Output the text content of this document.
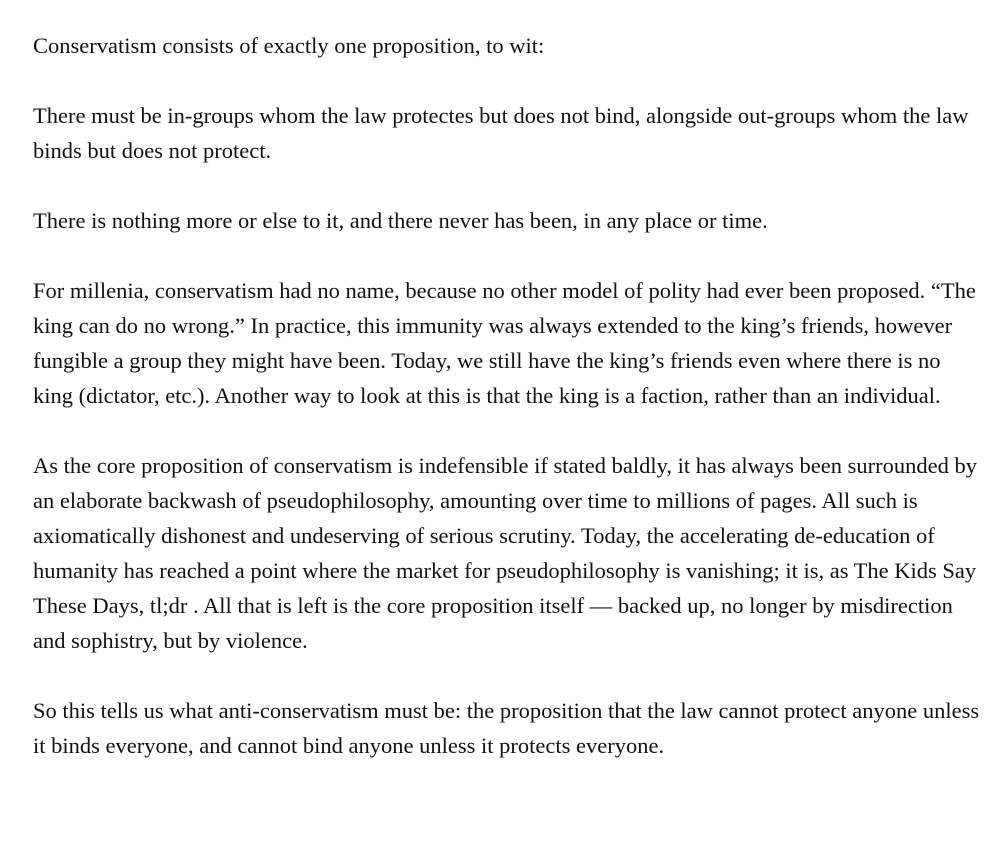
Conservatism consists of exactly one proposition, to wit:

There must be in-groups whom the law protectes but does not bind, alongside out-groups whom the law binds but does not protect.

There is nothing more or else to it, and there never has been, in any place or time.

For millenia, conservatism had no name, because no other model of polity had ever been proposed. “The king can do no wrong.” In practice, this immunity was always extended to the king’s friends, however fungible a group they might have been. Today, we still have the king’s friends even where there is no king (dictator, etc.). Another way to look at this is that the king is a faction, rather than an individual.

As the core proposition of conservatism is indefensible if stated baldly, it has always been surrounded by an elaborate backwash of pseudophilosophy, amounting over time to millions of pages. All such is axiomatically dishonest and undeserving of serious scrutiny. Today, the accelerating de-education of humanity has reached a point where the market for pseudophilosophy is vanishing; it is, as The Kids Say These Days, tl;dr . All that is left is the core proposition itself — backed up, no longer by misdirection and sophistry, but by violence.

So this tells us what anti-conservatism must be: the proposition that the law cannot protect anyone unless it binds everyone, and cannot bind anyone unless it protects everyone.
